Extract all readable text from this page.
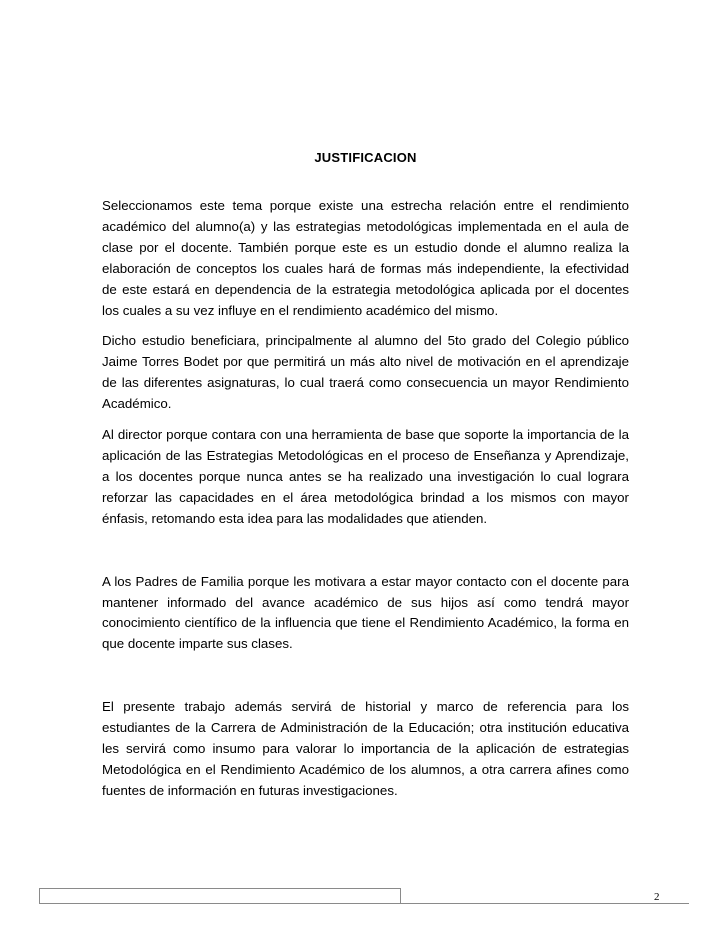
JUSTIFICACION

Seleccionamos este tema porque existe una estrecha relación entre el rendimiento académico del alumno(a) y las estrategias metodológicas implementada en el aula de clase por el docente. También porque este es un estudio donde el alumno realiza la elaboración de conceptos los cuales hará de formas más independiente, la efectividad de este estará en dependencia de la estrategia metodológica aplicada por el docentes los cuales a su vez influye en el rendimiento académico del mismo.

Dicho estudio beneficiara, principalmente al alumno del 5to grado del Colegio público Jaime Torres Bodet por que permitirá un más alto nivel de motivación en el aprendizaje de las diferentes asignaturas, lo cual traerá como consecuencia un mayor Rendimiento Académico.

Al director porque contara con una herramienta de base que soporte la importancia de la aplicación de las Estrategias Metodológicas en el proceso de Enseñanza y Aprendizaje, a los docentes porque nunca antes se ha realizado una investigación lo cual lograra reforzar las capacidades en el área metodológica brindad a los mismos con mayor énfasis, retomando esta idea para las modalidades que atienden.

A los Padres de Familia porque les motivara a estar mayor contacto con el docente para mantener informado del avance académico de sus hijos así como tendrá mayor conocimiento científico de la influencia que tiene el Rendimiento Académico, la forma en que docente imparte sus clases.

El presente trabajo además servirá de historial y marco de referencia para los estudiantes de la Carrera de Administración de la Educación; otra institución educativa les servirá como insumo para valorar lo importancia de la aplicación de estrategias Metodológica en el Rendimiento Académico de los alumnos, a otra carrera afines como fuentes de información en futuras investigaciones.

2
